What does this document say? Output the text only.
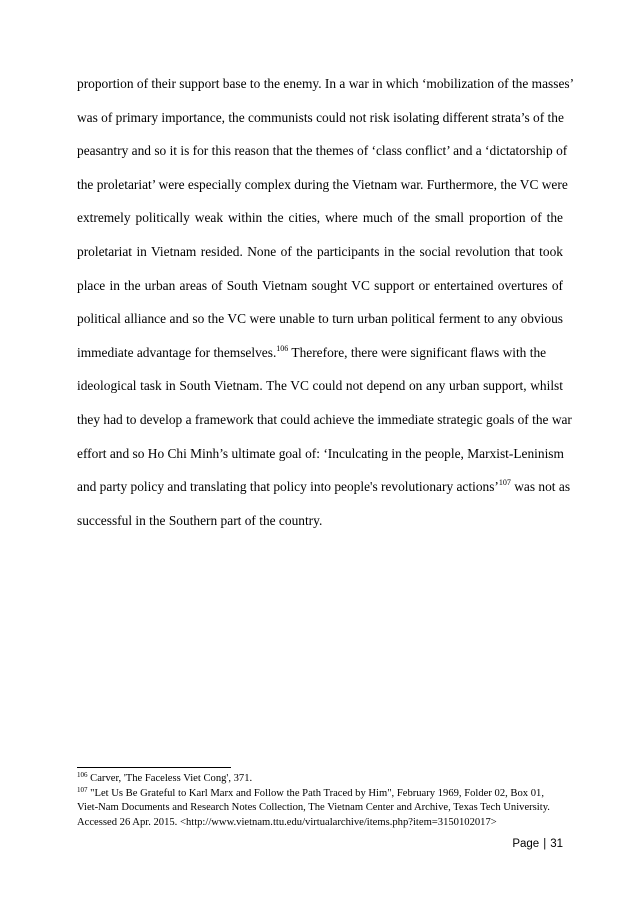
proportion of their support base to the enemy. In a war in which ‘mobilization of the masses’
was of primary importance, the communists could not risk isolating different strata’s of the
peasantry and so it is for this reason that the themes of ‘class conflict’ and a ‘dictatorship of
the proletariat’ were especially complex during the Vietnam war. Furthermore, the VC were
extremely politically weak within the cities, where much of the small proportion of the
proletariat in Vietnam resided. None of the participants in the social revolution that took
place in the urban areas of South Vietnam sought VC support or entertained overtures of
political alliance and so the VC were unable to turn urban political ferment to any obvious
immediate advantage for themselves.$^{106}$ Therefore, there were significant flaws with the
ideological task in South Vietnam. The VC could not depend on any urban support, whilst
they had to develop a framework that could achieve the immediate strategic goals of the war
effort and so Ho Chi Minh’s ultimate goal of: ‘Inculcating in the people, Marxist-Leninism
and party policy and translating that policy into people's revolutionary actions’$^{107}$ was not as
successful in the Southern part of the country.
$^{106}$ Carver, 'The Faceless Viet Cong', 371.
$^{107}$ "Let Us Be Grateful to Karl Marx and Follow the Path Traced by Him", February 1969, Folder 02, Box 01,
Viet-Nam Documents and Research Notes Collection, The Vietnam Center and Archive, Texas Tech University.
Accessed 26 Apr. 2015. <http://www.vietnam.ttu.edu/virtualarchive/items.php?item=3150102017>
Page | 31
